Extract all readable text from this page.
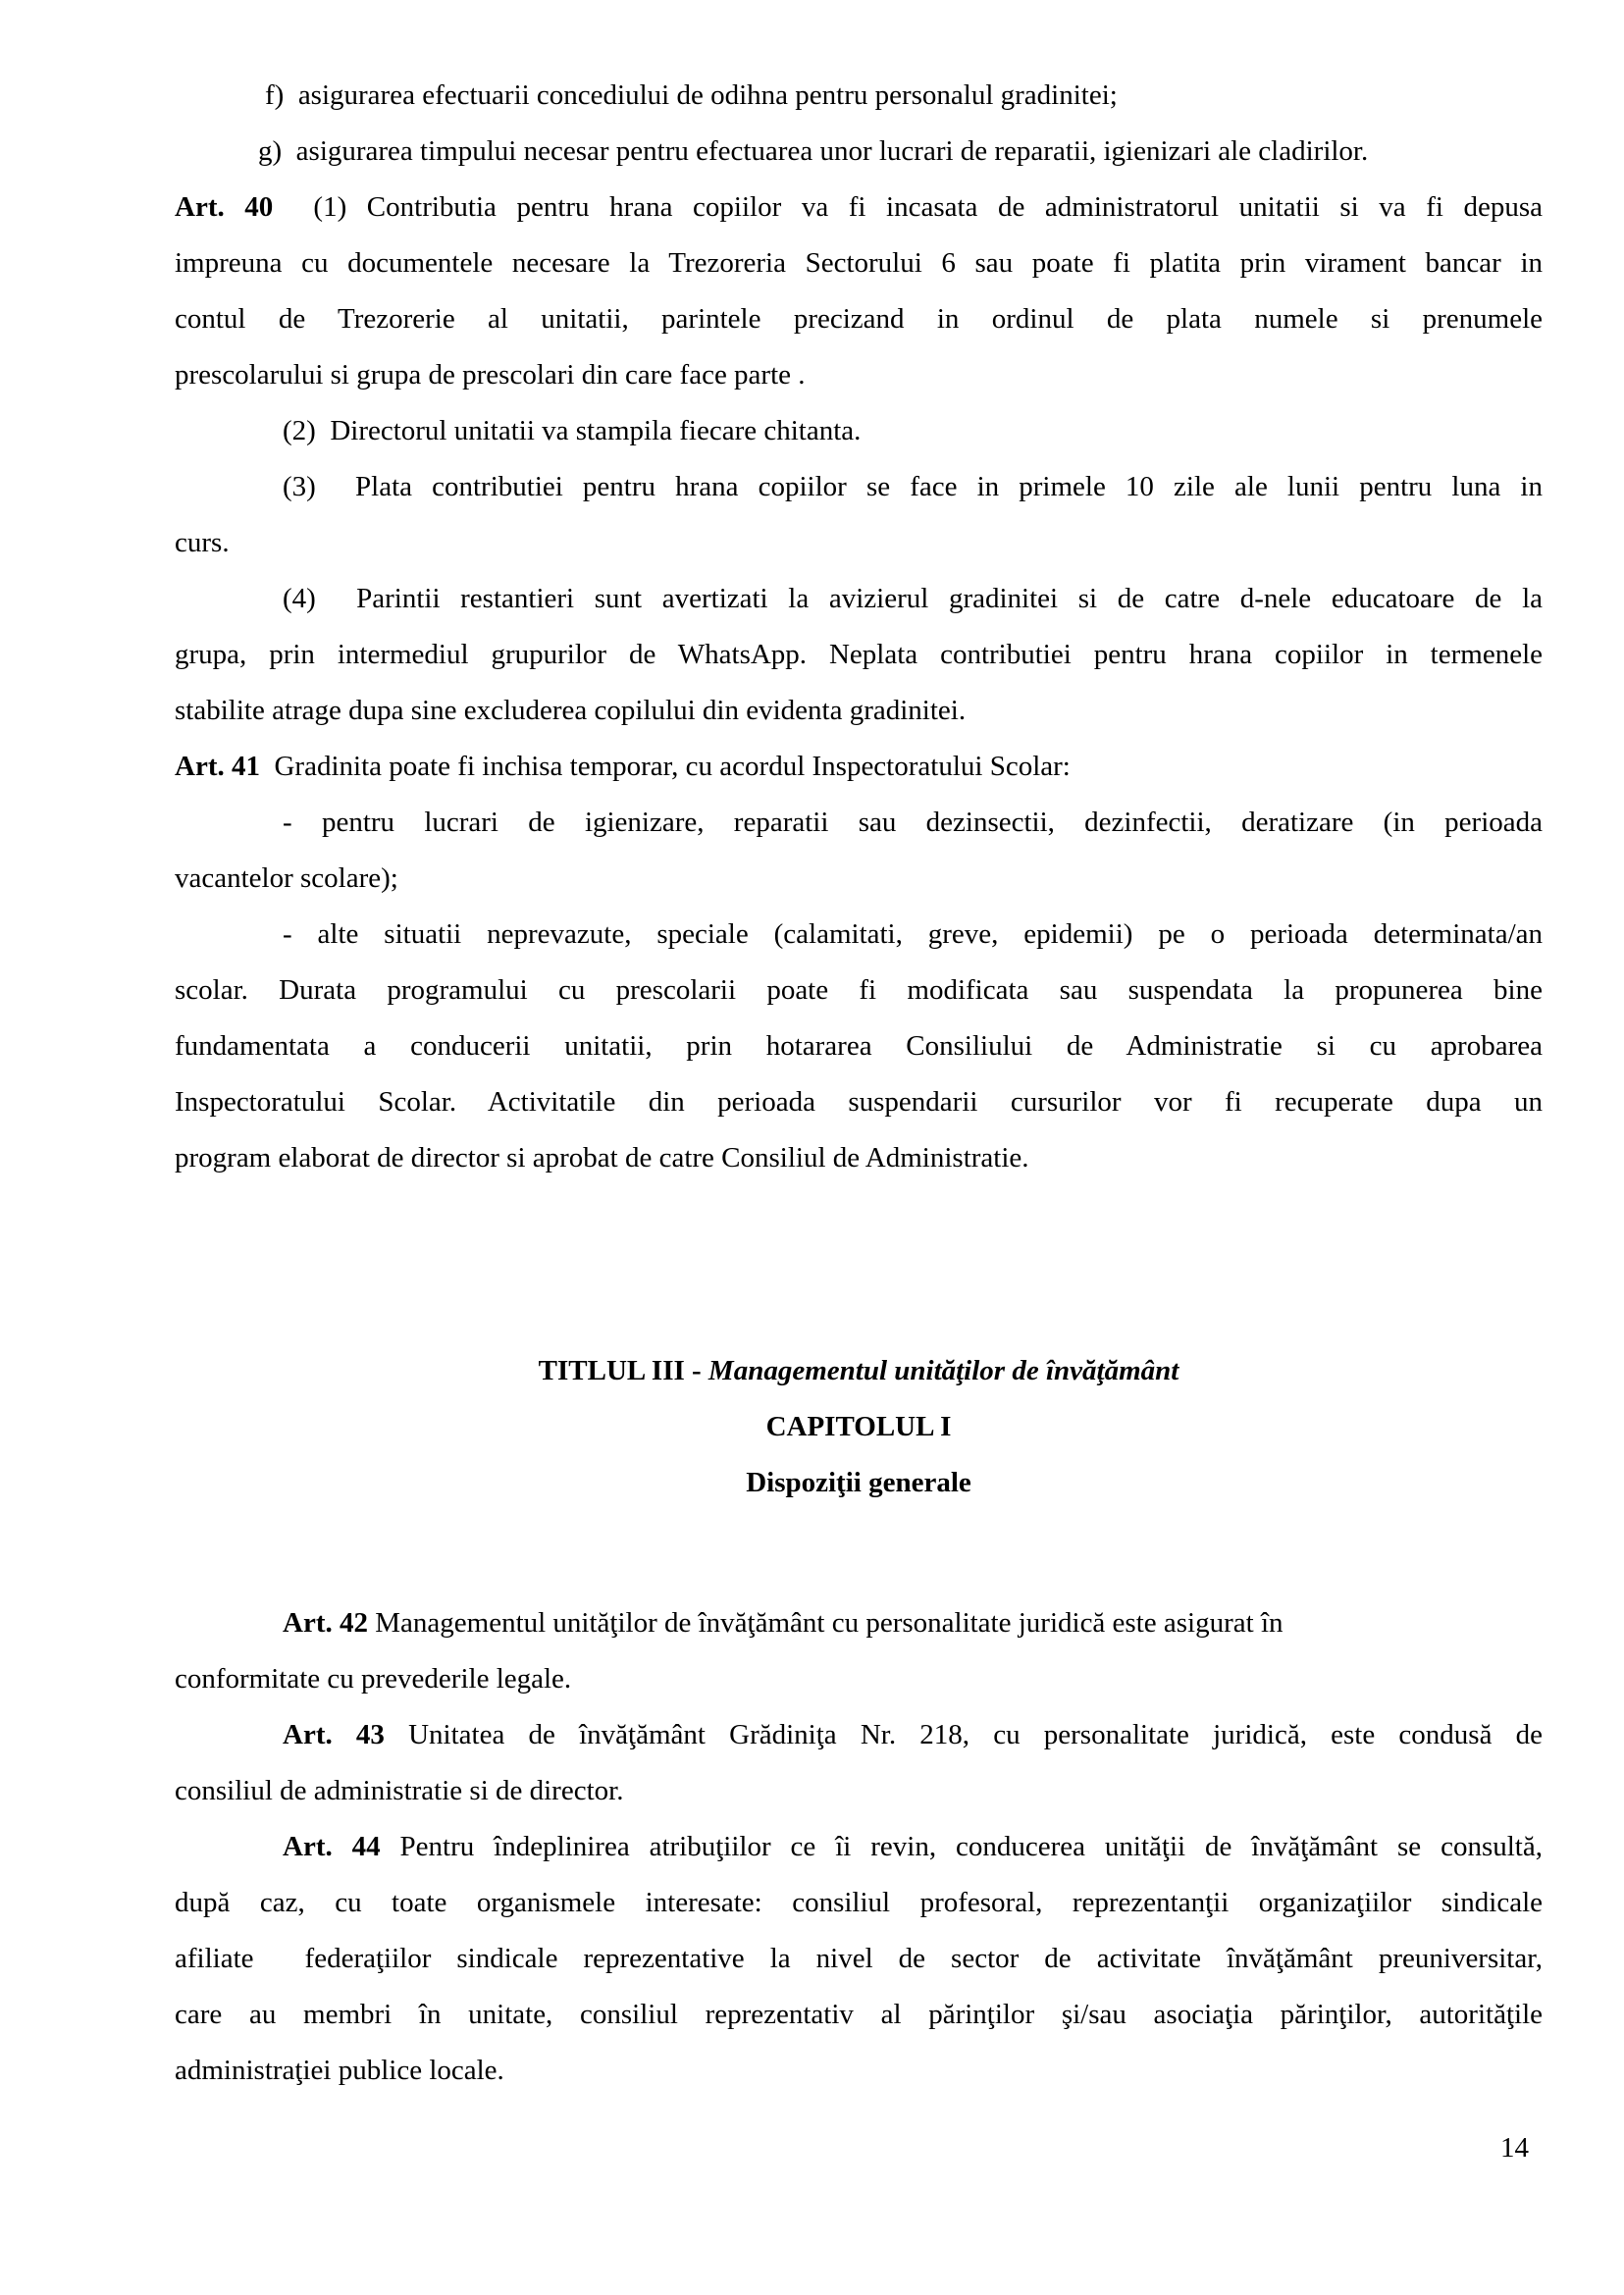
f)  asigurarea efectuarii concediului de odihna pentru personalul gradinitei;
g)  asigurarea timpului necesar pentru efectuarea unor lucrari de reparatii, igienizari ale cladirilor.
Art. 40  (1) Contributia pentru hrana copiilor va fi incasata de administratorul unitatii si va fi depusa
impreuna cu documentele necesare la Trezoreria Sectorului 6 sau poate fi platita prin virament bancar in
contul de Trezorerie al unitatii, parintele precizand in ordinul de plata numele si prenumele
prescolarului si grupa de prescolari din care face parte .
(2)  Directorul unitatii va stampila fiecare chitanta.
(3)  Plata contributiei pentru hrana copiilor se face in primele 10 zile ale lunii pentru luna in
curs.
(4)  Parintii restantieri sunt avertizati la avizierul gradinitei si de catre d-nele educatoare de la
grupa, prin intermediul grupurilor de WhatsApp. Neplata contributiei pentru hrana copiilor in termenele
stabilite atrage dupa sine excluderea copilului din evidenta gradinitei.
Art. 41  Gradinita poate fi inchisa temporar, cu acordul Inspectoratului Scolar:
- pentru lucrari de igienizare, reparatii sau dezinsectii, dezinfectii, deratizare (in perioada
vacantelor scolare);
- alte situatii neprevazute, speciale (calamitati, greve, epidemii) pe o perioada determinata/an
scolar. Durata programului cu prescolarii poate fi modificata sau suspendata la propunerea bine
fundamentata a conducerii unitatii, prin hotararea Consiliului de Administratie si cu aprobarea
Inspectoratului Scolar. Activitatile din perioada suspendarii cursurilor vor fi recuperate dupa un
program elaborat de director si aprobat de catre Consiliul de Administratie.
TITLUL III - Managementul unităţilor de învăţământ
CAPITOLUL I
Dispoziţii generale
Art. 42 Managementul unităţilor de învăţământ cu personalitate juridică este asigurat în
conformitate cu prevederile legale.
Art. 43 Unitatea de învăţământ Grădiniţa Nr. 218, cu personalitate juridică, este condusă de
consiliul de administratie si de director.
Art. 44 Pentru îndeplinirea atribuţiilor ce îi revin, conducerea unităţii de învăţământ se consultă,
după caz, cu toate organismele interesate: consiliul profesoral, reprezentanţii organizaţiilor sindicale
afiliate  federaţiilor sindicale reprezentative la nivel de sector de activitate învăţământ preuniversitar,
care au membri în unitate, consiliul reprezentativ al părinţilor şi/sau asociaţia părinţilor, autorităţile
administraţiei publice locale.
14
